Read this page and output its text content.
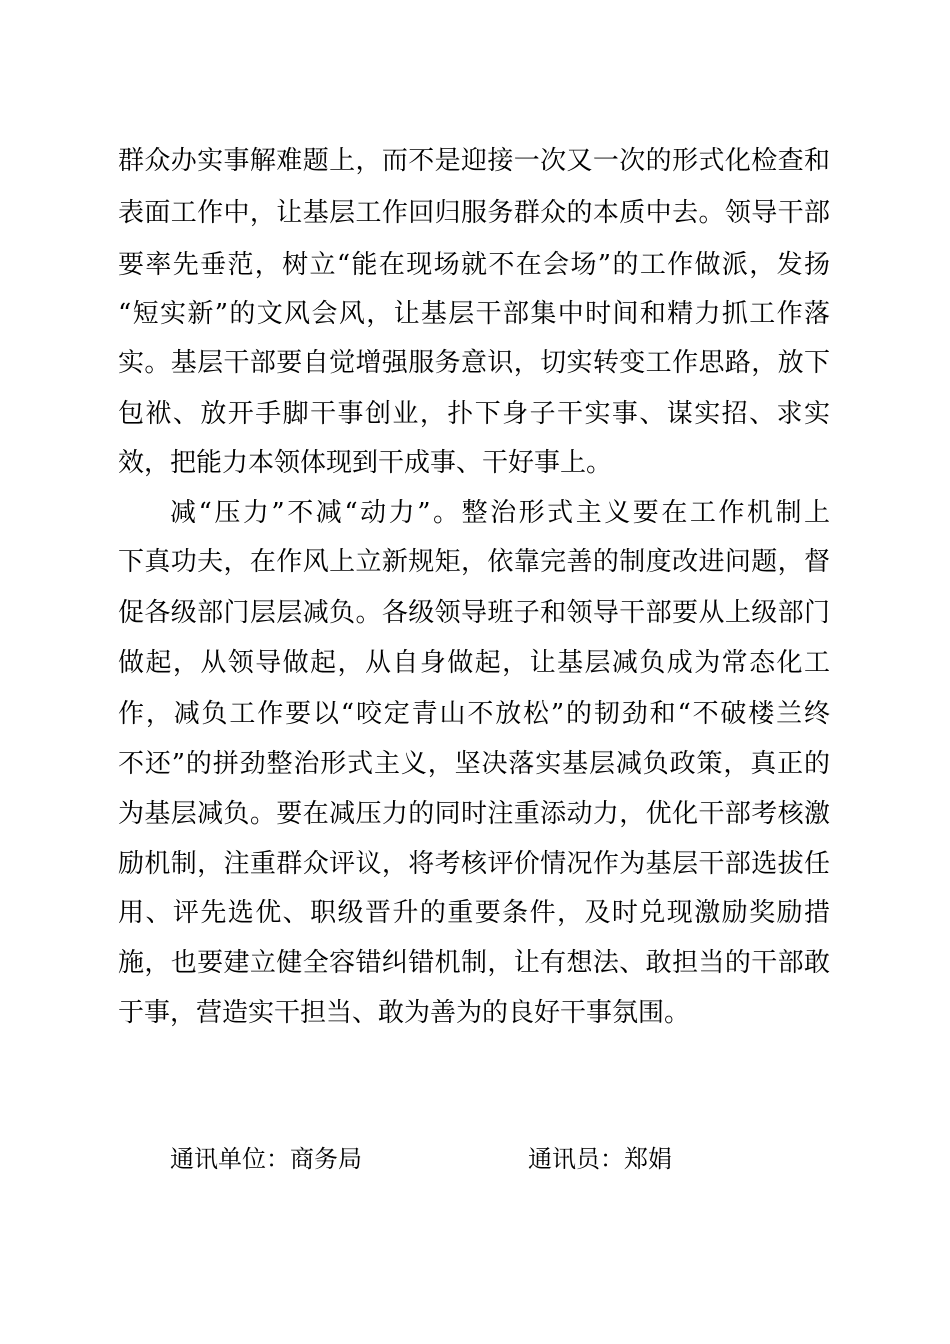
群众办实事解难题上，而不是迎接一次又一次的形式化检查和
表面工作中，让基层工作回归服务群众的本质中去。领导干部
要率先垂范，树立“能在现场就不在会场”的工作做派，发扬
“短实新”的文风会风，让基层干部集中时间和精力抓工作落
实。基层干部要自觉增强服务意识，切实转变工作思路，放下
包袱、放开手脚干事创业，扑下身子干实事、谋实招、求实
效，把能力本领体现到干成事、干好事上。
减“压力”不减“动力”。整治形式主义要在工作机制上
下真功夫，在作风上立新规矩，依靠完善的制度改进问题，督
促各级部门层层减负。各级领导班子和领导干部要从上级部门
做起，从领导做起，从自身做起，让基层减负成为常态化工
作，减负工作要以“咬定青山不放松”的韧劲和“不破楼兰终
不还”的拼劲整治形式主义，坚决落实基层减负政策，真正的
为基层减负。要在减压力的同时注重添动力，优化干部考核激
励机制，注重群众评议，将考核评价情况作为基层干部选拔任
用、评先选优、职级晋升的重要条件，及时兑现激励奖励措
施，也要建立健全容错纠错机制，让有想法、敢担当的干部敢
于事，营造实干担当、敢为善为的良好干事氛围。
通讯单位：商务局	通讯员：郑娟
